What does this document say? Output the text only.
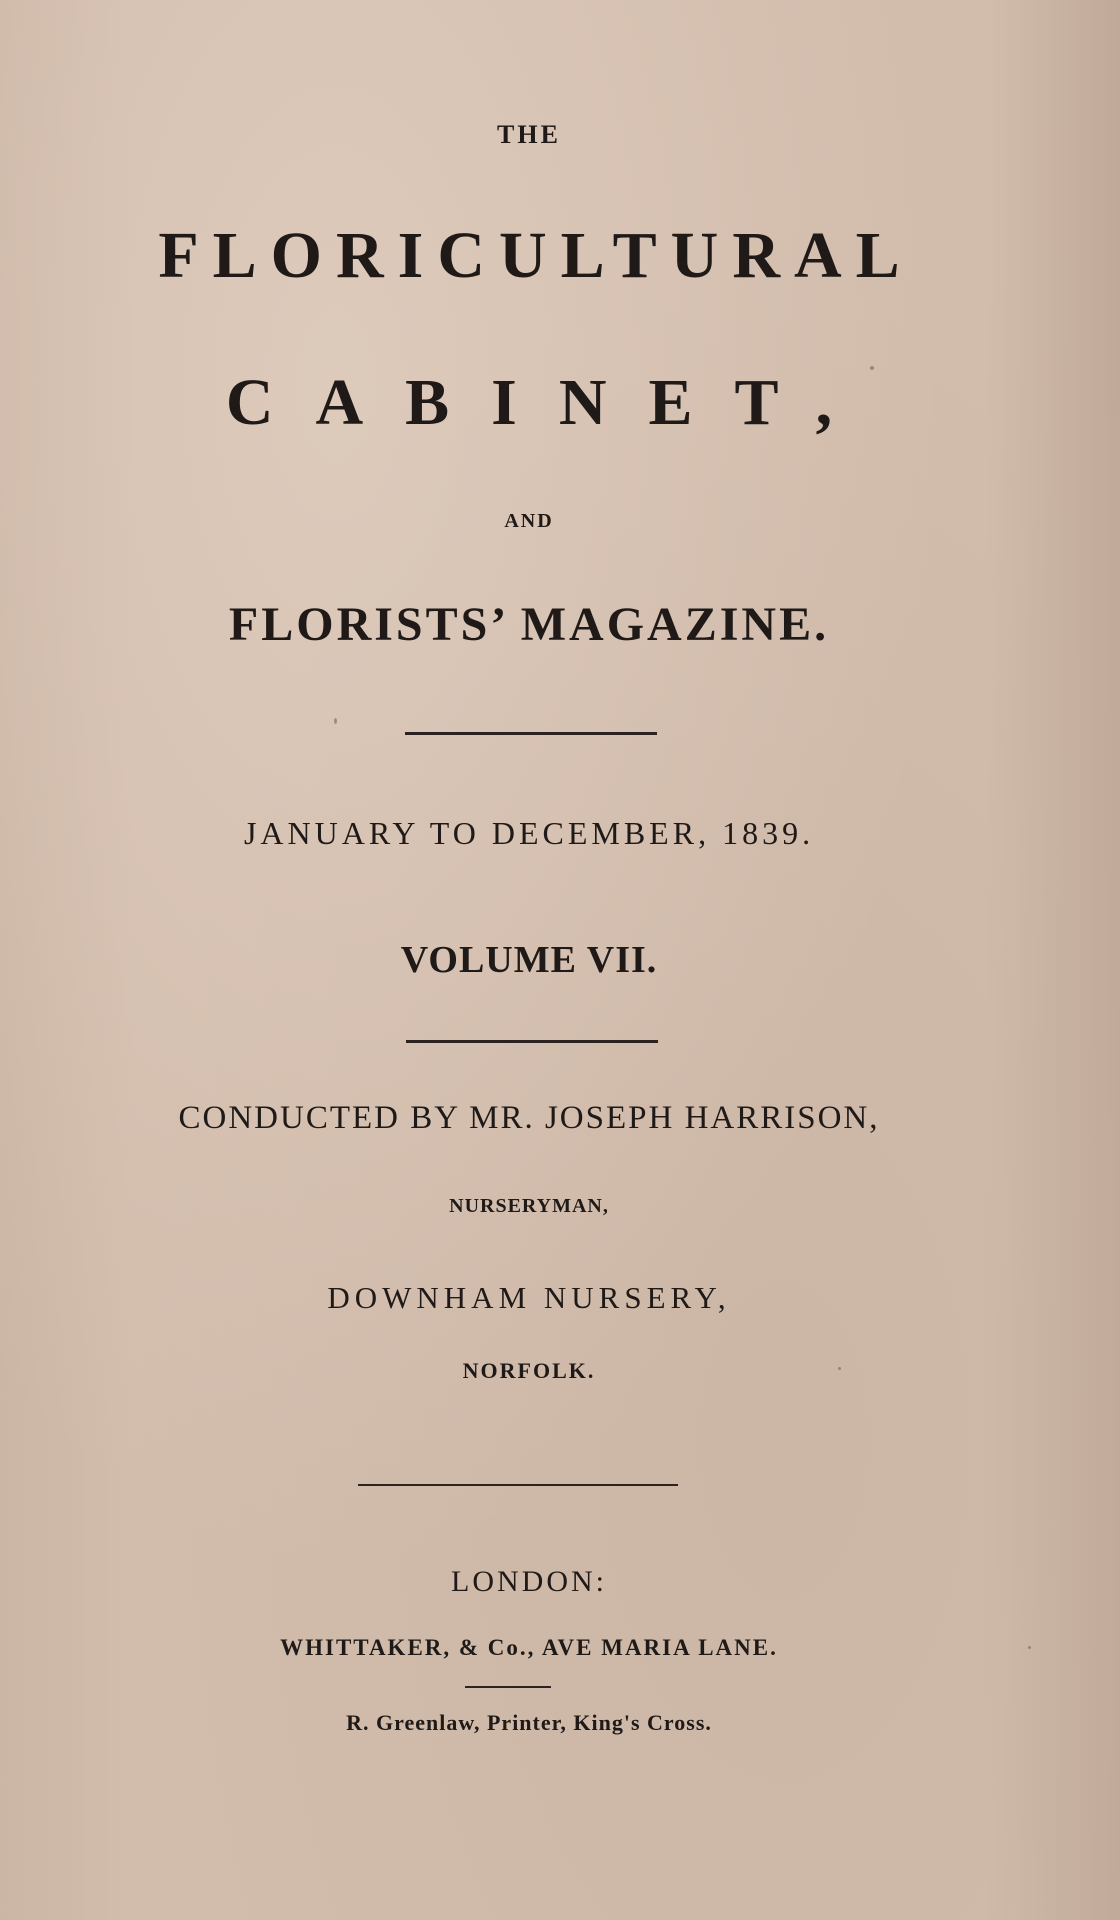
THE
FLORICULTURAL
CABINET,
AND
FLORISTS’ MAGAZINE.
JANUARY TO DECEMBER, 1839.
VOLUME VII.
CONDUCTED BY MR. JOSEPH HARRISON,
NURSERYMAN,
DOWNHAM NURSERY,
NORFOLK.
LONDON:
WHITTAKER, & Co., AVE MARIA LANE.
R. Greenlaw, Printer, King's Cross.
